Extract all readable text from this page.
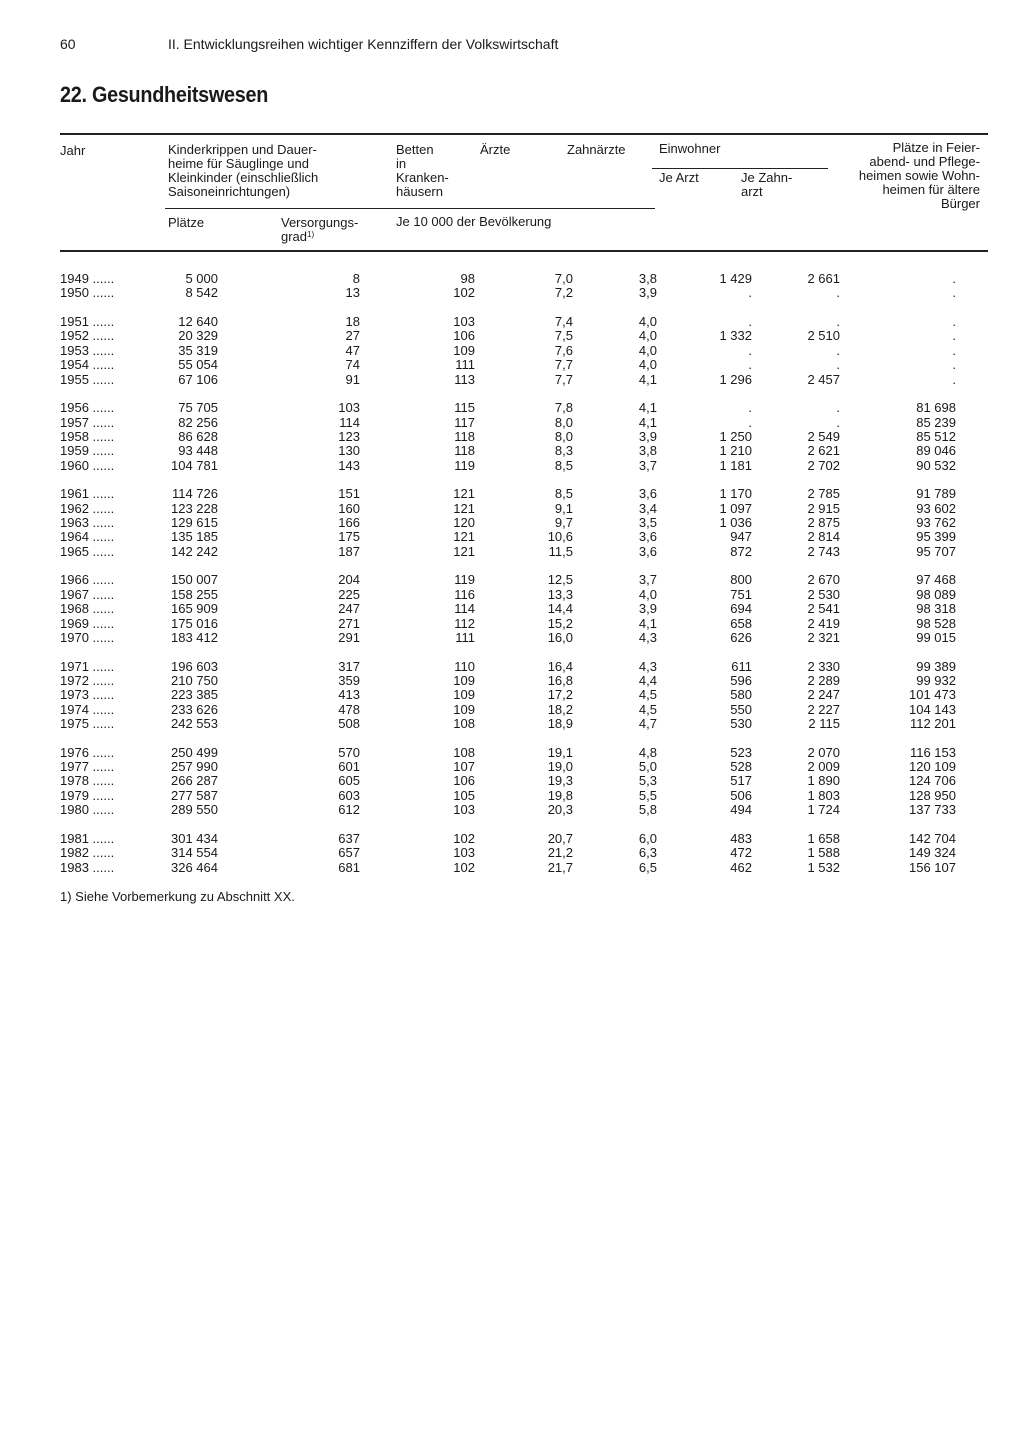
60	II. Entwicklungsreihen wichtiger Kennziffern der Volkswirtschaft
22. Gesundheitswesen
Jahr	Kinderkrippen und Dauer-
heime für Säuglinge und
Kleinkinder (einschließlich
Saisoneinrichtungen)
Plätze	Versorgungs-
grad$^{1)}$
Betten
in
Kranken-
häusern
Ärzte	Zahnärzte
Je 10 000 der Bevölkerung
Einwohner
Je Arzt	Je Zahn-
arzt
Plätze in Feier-
abend- und Pflege-
heimen sowie Wohn-
heimen für ältere
Bürger
1949 ......	5 000	8	98	7,0	3,8	1 429	2 661	.
1950 ......	8 542	13	102	7,2	3,9	.	.	.
1951 ......	12 640	18	103	7,4	4,0	.	.	.
1952 ......	20 329	27	106	7,5	4,0	1 332	2 510	.
1953 ......	35 319	47	109	7,6	4,0	.	.	.
1954 ......	55 054	74	111	7,7	4,0	.	.	.
1955 ......	67 106	91	113	7,7	4,1	1 296	2 457	.
1956 ......	75 705	103	115	7,8	4,1	.	.	81 698
1957 ......	82 256	114	117	8,0	4,1	.	.	85 239
1958 ......	86 628	123	118	8,0	3,9	1 250	2 549	85 512
1959 ......	93 448	130	118	8,3	3,8	1 210	2 621	89 046
1960 ......	104 781	143	119	8,5	3,7	1 181	2 702	90 532
1961 ......	114 726	151	121	8,5	3,6	1 170	2 785	91 789
1962 ......	123 228	160	121	9,1	3,4	1 097	2 915	93 602
1963 ......	129 615	166	120	9,7	3,5	1 036	2 875	93 762
1964 ......	135 185	175	121	10,6	3,6	947	2 814	95 399
1965 ......	142 242	187	121	11,5	3,6	872	2 743	95 707
1966 ......	150 007	204	119	12,5	3,7	800	2 670	97 468
1967 ......	158 255	225	116	13,3	4,0	751	2 530	98 089
1968 ......	165 909	247	114	14,4	3,9	694	2 541	98 318
1969 ......	175 016	271	112	15,2	4,1	658	2 419	98 528
1970 ......	183 412	291	111	16,0	4,3	626	2 321	99 015
1971 ......	196 603	317	110	16,4	4,3	611	2 330	99 389
1972 ......	210 750	359	109	16,8	4,4	596	2 289	99 932
1973 ......	223 385	413	109	17,2	4,5	580	2 247	101 473
1974 ......	233 626	478	109	18,2	4,5	550	2 227	104 143
1975 ......	242 553	508	108	18,9	4,7	530	2 115	112 201
1976 ......	250 499	570	108	19,1	4,8	523	2 070	116 153
1977 ......	257 990	601	107	19,0	5,0	528	2 009	120 109
1978 ......	266 287	605	106	19,3	5,3	517	1 890	124 706
1979 ......	277 587	603	105	19,8	5,5	506	1 803	128 950
1980 ......	289 550	612	103	20,3	5,8	494	1 724	137 733
1981 ......	301 434	637	102	20,7	6,0	483	1 658	142 704
1982 ......	314 554	657	103	21,2	6,3	472	1 588	149 324
1983 ......	326 464	681	102	21,7	6,5	462	1 532	156 107
1) Siehe Vorbemerkung zu Abschnitt XX.
